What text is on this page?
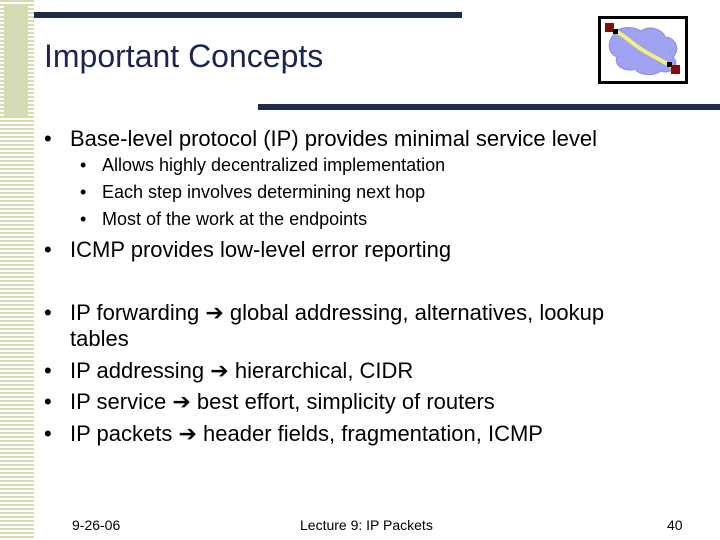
Important Concepts
• Base-level protocol (IP) provides minimal service level
• Allows highly decentralized implementation
• Each step involves determining next hop
• Most of the work at the endpoints
• ICMP provides low-level error reporting
• IP forwarding ➔ global addressing, alternatives, lookup
tables
• IP addressing ➔ hierarchical, CIDR
• IP service ➔ best effort, simplicity of routers
• IP packets ➔ header fields, fragmentation, ICMP
9-26-06	Lecture 9: IP Packets	40
